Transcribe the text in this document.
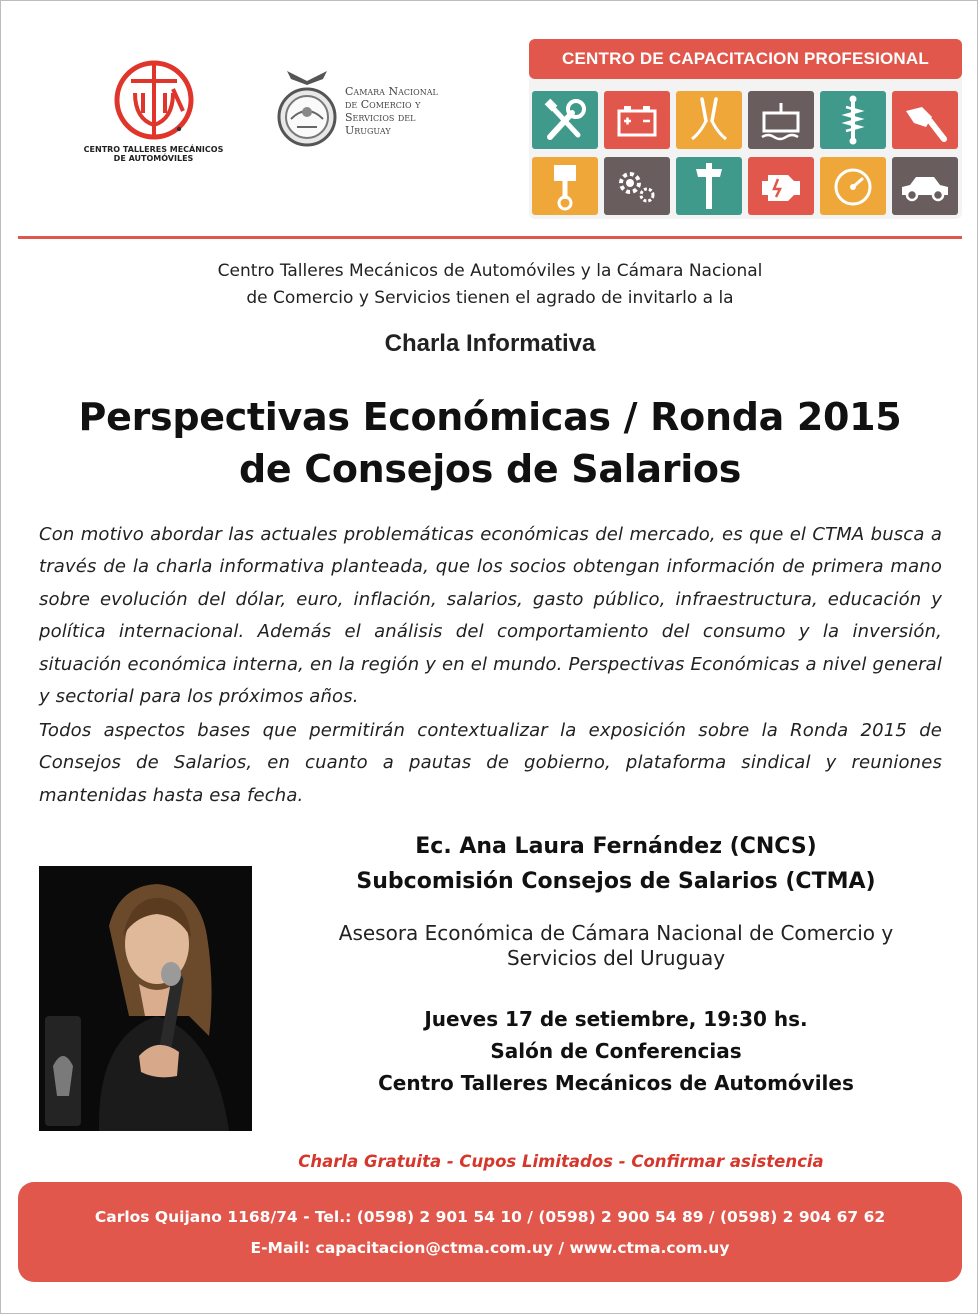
CENTRO TALLERES MECÁNICOS
DE AUTOMÓVILES
Camara Nacional
de Comercio y
Servicios del
Uruguay
CENTRO DE CAPACITACION PROFESIONAL
Centro Talleres Mecánicos de Automóviles y la Cámara Nacional
de Comercio y Servicios tienen el agrado de invitarlo a la
Charla Informativa
Perspectivas Económicas / Ronda 2015
de Consejos de Salarios

Con motivo abordar las actuales problemáticas económicas del mercado, es que el CTMA busca a través de la charla informativa planteada, que los socios obtengan información de primera mano sobre evolución del dólar, euro, inflación, salarios, gasto público, infraestructura, educación y política internacional. Además el análisis del comportamiento del consumo y la inversión, situación económica interna, en la región y en el mundo. Perspectivas Económicas a nivel general y sectorial para los próximos años.

Todos aspectos bases que permitirán contextualizar la exposición sobre la Ronda 2015 de Consejos de Salarios, en cuanto a pautas de gobierno, plataforma sindical y reuniones mantenidas hasta esa fecha.

Ec. Ana Laura Fernández (CNCS)
Subcomisión Consejos de Salarios (CTMA)
Asesora Económica de Cámara Nacional de Comercio y
Servicios del Uruguay
Jueves 17 de setiembre, 19:30 hs.
Salón de Conferencias
Centro Talleres Mecánicos de Automóviles
Charla Gratuita - Cupos Limitados - Confirmar asistencia
Carlos Quijano 1168/74 - Tel.: (0598) 2 901 54 10 / (0598) 2 900 54 89 / (0598) 2 904 67 62
E-Mail: capacitacion@ctma.com.uy / www.ctma.com.uy
